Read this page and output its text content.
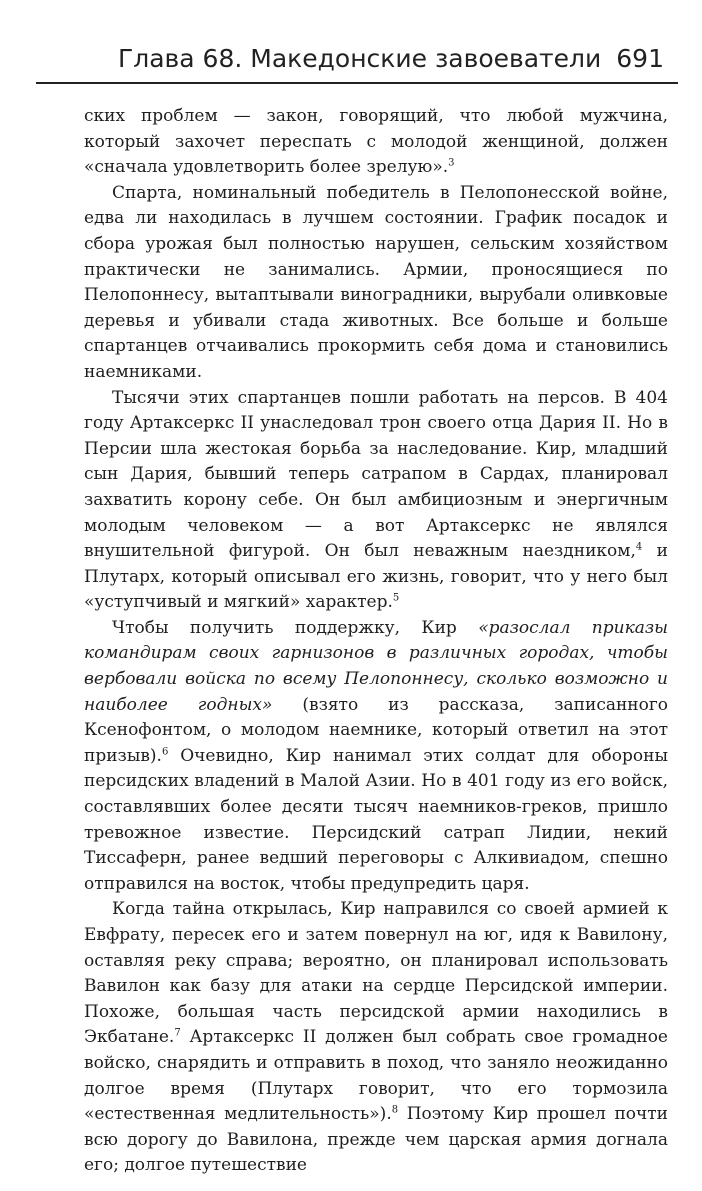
Глава 68. Македонские завоеватели 691

ских проблем — закон, говорящий, что любой мужчина, который захочет переспать с молодой женщиной, должен «сначала удовлетворить более зрелую».$^3$

Спарта, номинальный победитель в Пелопонесской войне, едва ли находилась в лучшем состоянии. График посадок и сбора урожая был полностью нарушен, сельским хозяйством практически не занимались. Армии, проносящиеся по Пелопоннесу, вытаптывали виноградники, вырубали оливковые деревья и убивали стада животных. Все больше и больше спартанцев отчаивались прокормить себя дома и становились наемниками.

Тысячи этих спартанцев пошли работать на персов. В 404 году Артаксеркс II унаследовал трон своего отца Дария II. Но в Персии шла жестокая борьба за наследование. Кир, младший сын Дария, бывший теперь сатрапом в Сардах, планировал захватить корону себе. Он был амбициозным и энергичным молодым человеком — а вот Артаксеркс не являлся внушительной фигурой. Он был неважным наездником,$^4$ и Плутарх, который описывал его жизнь, говорит, что у него был «уступчивый и мягкий» характер.$^5$

Чтобы получить поддержку, Кир «разослал приказы командирам своих гарнизонов в различных городах, чтобы вербовали войска по всему Пелопоннесу, сколько возможно и наиболее годных» (взято из рассказа, записанного Ксенофонтом, о молодом наемнике, который ответил на этот призыв).$^6$ Очевидно, Кир нанимал этих солдат для обороны персидских владений в Малой Азии. Но в 401 году из его войск, составлявших более десяти тысяч наемников-греков, пришло тревожное известие. Персидский сатрап Лидии, некий Тиссаферн, ранее ведший переговоры с Алкивиадом, спешно отправился на восток, чтобы предупредить царя.

Когда тайна открылась, Кир направился со своей армией к Евфрату, пересек его и затем повернул на юг, идя к Вавилону, оставляя реку справа; вероятно, он планировал использовать Вавилон как базу для атаки на сердце Персидской империи. Похоже, большая часть персидской армии находились в Экбатане.$^7$ Артаксеркс II должен был собрать свое громадное войско, снарядить и отправить в поход, что заняло неожиданно долгое время (Плутарх говорит, что его тормозила «естественная медлительность»).$^8$ Поэтому Кир прошел почти всю дорогу до Вавилона, прежде чем царская армия догнала его; долгое путешествие
